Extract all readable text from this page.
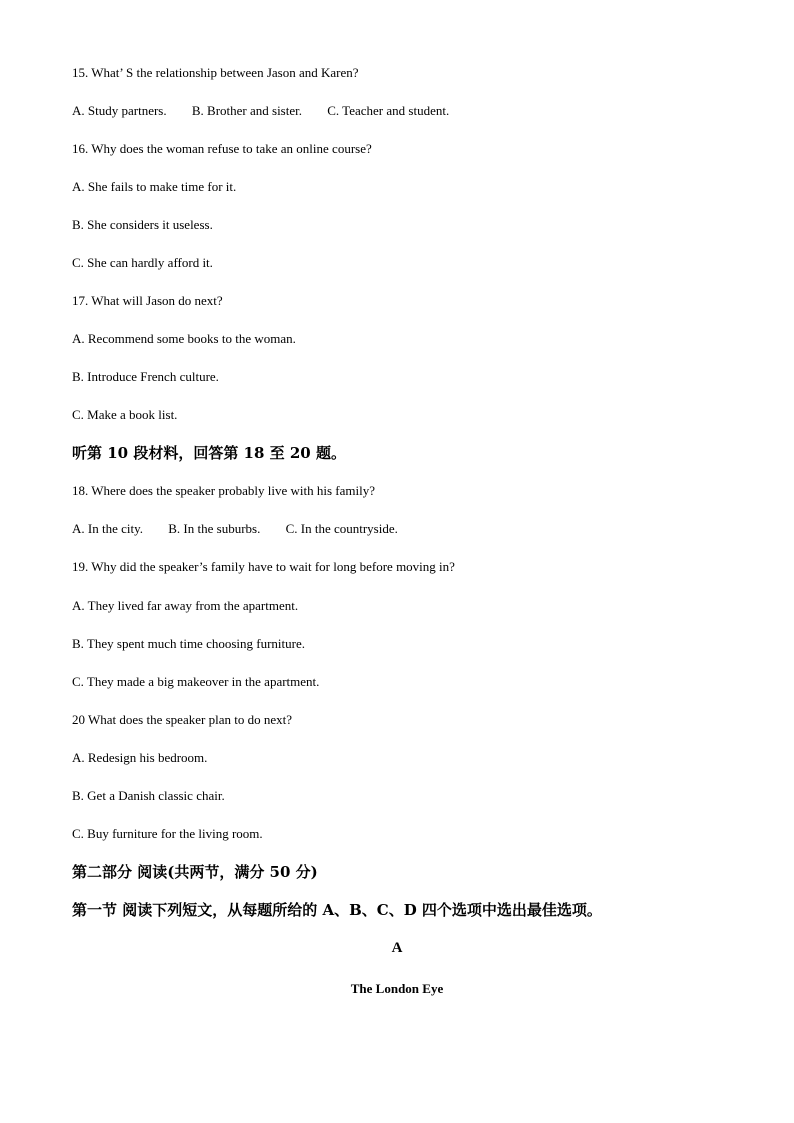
15. What’ S the relationship between Jason and Karen?
A. Study partners. B. Brother and sister. C. Teacher and student.
16. Why does the woman refuse to take an online course?
A. She fails to make time for it.
B. She considers it useless.
C. She can hardly afford it.
17. What will Jason do next?
A. Recommend some books to the woman.
B. Introduce French culture.
C. Make a book list.
听第 10 段材料，回答第 18 至 20 题。
18. Where does the speaker probably live with his family?
A. In the city. B. In the suburbs. C. In the countryside.
19. Why did the speaker’s family have to wait for long before moving in?
A. They lived far away from the apartment.
B. They spent much time choosing furniture.
C. They made a big makeover in the apartment.
20 What does the speaker plan to do next?
A. Redesign his bedroom.
B. Get a Danish classic chair.
C. Buy furniture for the living room.
第二部分 阅读(共两节，满分 50 分)
第一节 阅读下列短文，从每题所给的 A、B、C、D 四个选项中选出最佳选项。
A
The London Eye
